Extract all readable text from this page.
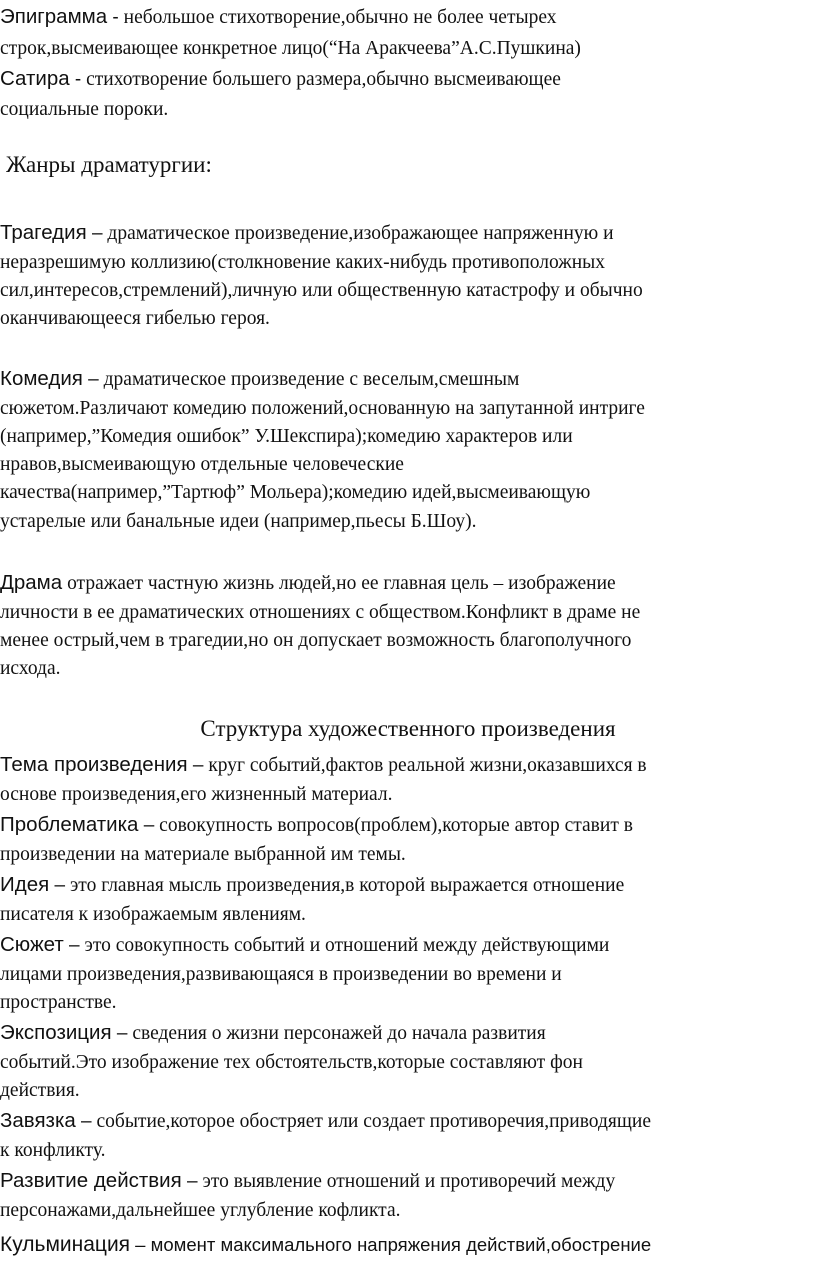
Эпиграмма - небольшое стихотворение,обычно не более четырех
строк,высмеивающее конкретное лицо(“На Аракчеева”А.С.Пушкина)
Сатира - стихотворение большего размера,обычно высмеивающее
социальные пороки.
Жанры драматургии:
Трагедия – драматическое произведение,изображающее напряженную и
неразрешимую коллизию(столкновение каких-нибудь противоположных
сил,интересов,стремлений),личную или общественную катастрофу и обычно
оканчивающееся гибелью героя.
Комедия – драматическое произведение с веселым,смешным
сюжетом.Различают комедию положений,основанную на запутанной интриге
(например,”Комедия ошибок” У.Шекспира);комедию характеров или
нравов,высмеивающую отдельные человеческие
качества(например,”Тартюф” Мольера);комедию идей,высмеивающую
устарелые или банальные идеи (например,пьесы Б.Шоу).
Драма отражает частную жизнь людей,но ее главная цель – изображение
личности в ее драматических отношениях с обществом.Конфликт в драме не
менее острый,чем в трагедии,но он допускает возможность благополучного
исхода.
Структура художественного произведения
Тема произведения – круг событий,фактов реальной жизни,оказавшихся в
основе произведения,его жизненный материал.
Проблематика – совокупность вопросов(проблем),которые автор ставит в
произведении на материале выбранной им темы.
Идея – это главная мысль произведения,в которой выражается отношение
писателя к изображаемым явлениям.
Сюжет – это совокупность событий и отношений между действующими
лицами произведения,развивающаяся в произведении во времени и
пространстве.
Экспозиция – сведения о жизни персонажей до начала развития
событий.Это изображение тех обстоятельств,которые составляют фон
действия.
Завязка – событие,которое обостряет или создает противоречия,приводящие
к конфликту.
Развитие действия – это выявление отношений и противоречий между
персонажами,дальнейшее углубление кофликта.
Кульминация – момент максимального напряжения действий,обострение
